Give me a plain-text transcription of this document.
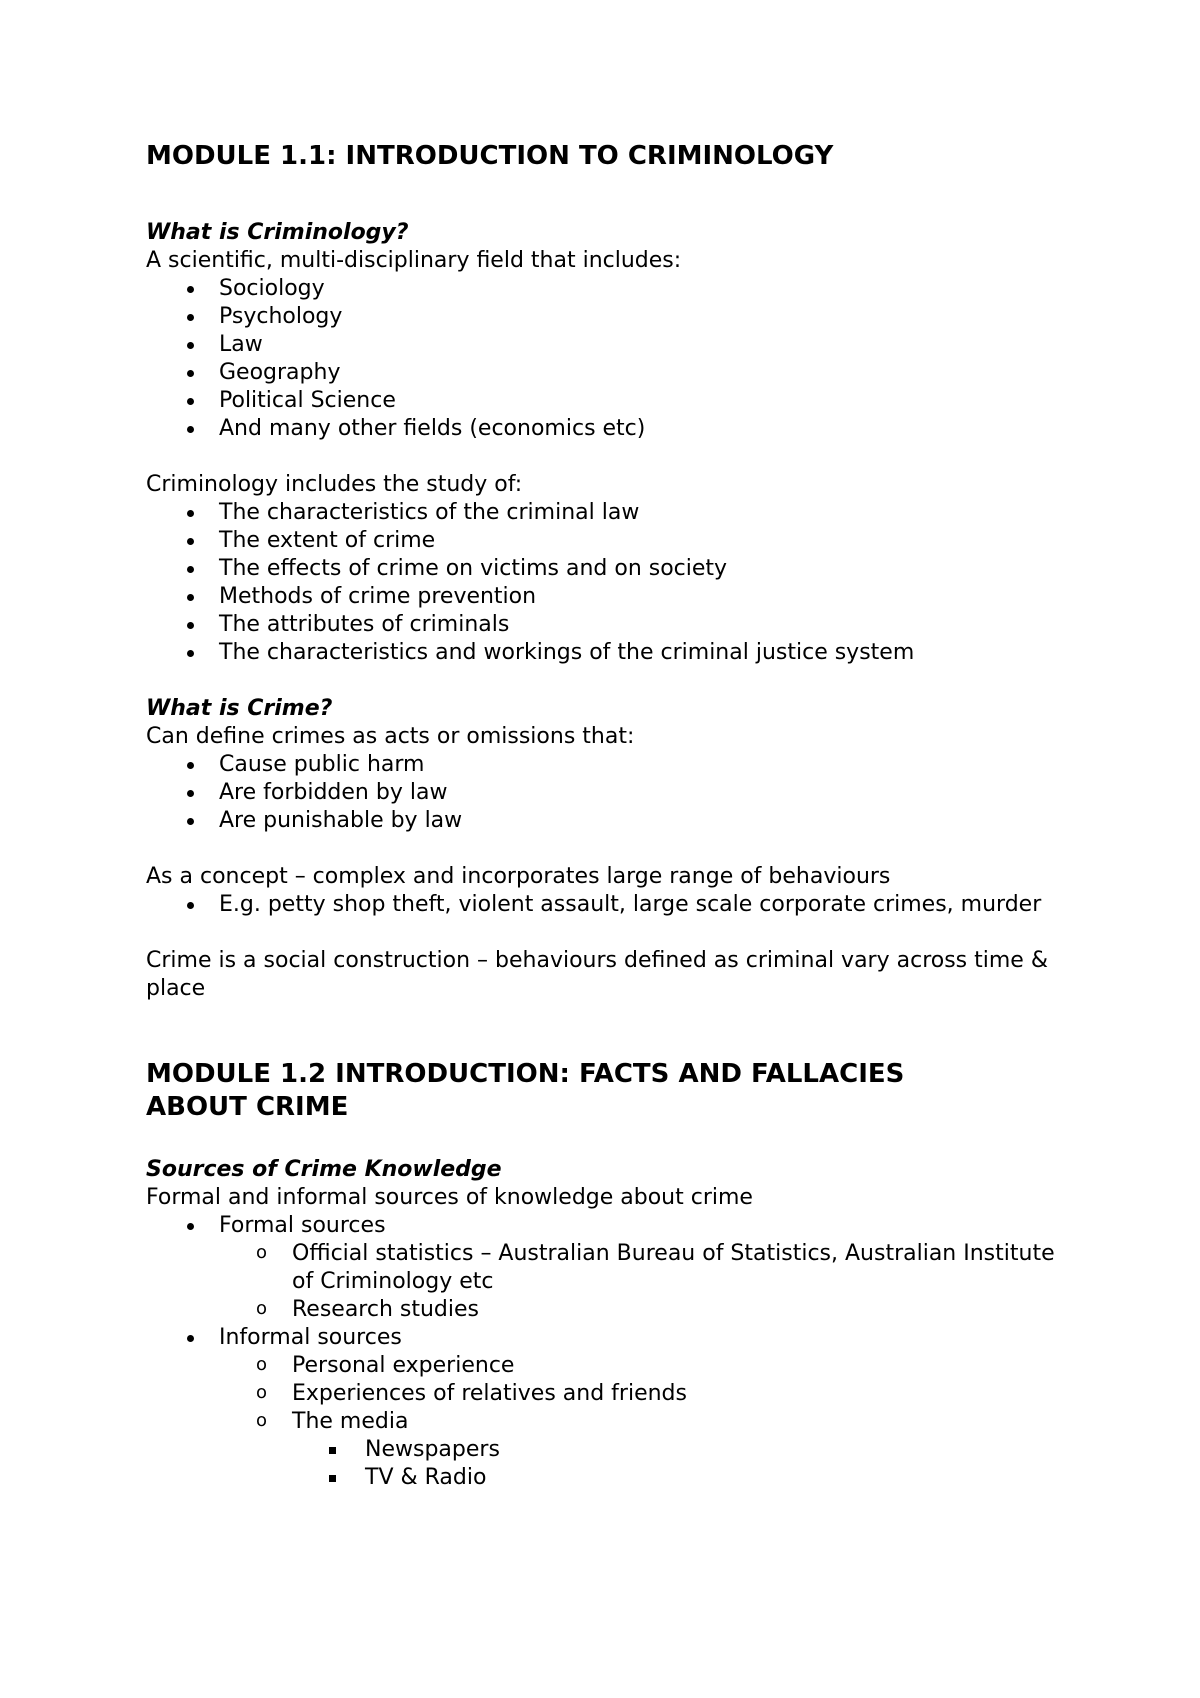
MODULE 1.1: INTRODUCTION TO CRIMINOLOGY
What is Criminology?
A scientific, multi-disciplinary field that includes:
Sociology
Psychology
Law
Geography
Political Science
And many other fields (economics etc)
Criminology includes the study of:
The characteristics of the criminal law
The extent of crime
The effects of crime on victims and on society
Methods of crime prevention
The attributes of criminals
The characteristics and workings of the criminal justice system
What is Crime?
Can define crimes as acts or omissions that:
Cause public harm
Are forbidden by law
Are punishable by law
As a concept – complex and incorporates large range of behaviours
E.g. petty shop theft, violent assault, large scale corporate crimes, murder
Crime is a social construction – behaviours defined as criminal vary across time & place
MODULE 1.2 INTRODUCTION: FACTS AND FALLACIES ABOUT CRIME
Sources of Crime Knowledge
Formal and informal sources of knowledge about crime
Formal sources
o Official statistics – Australian Bureau of Statistics, Australian Institute of Criminology etc
o Research studies
Informal sources
o Personal experience
o Experiences of relatives and friends
o The media
Newspapers
TV & Radio
